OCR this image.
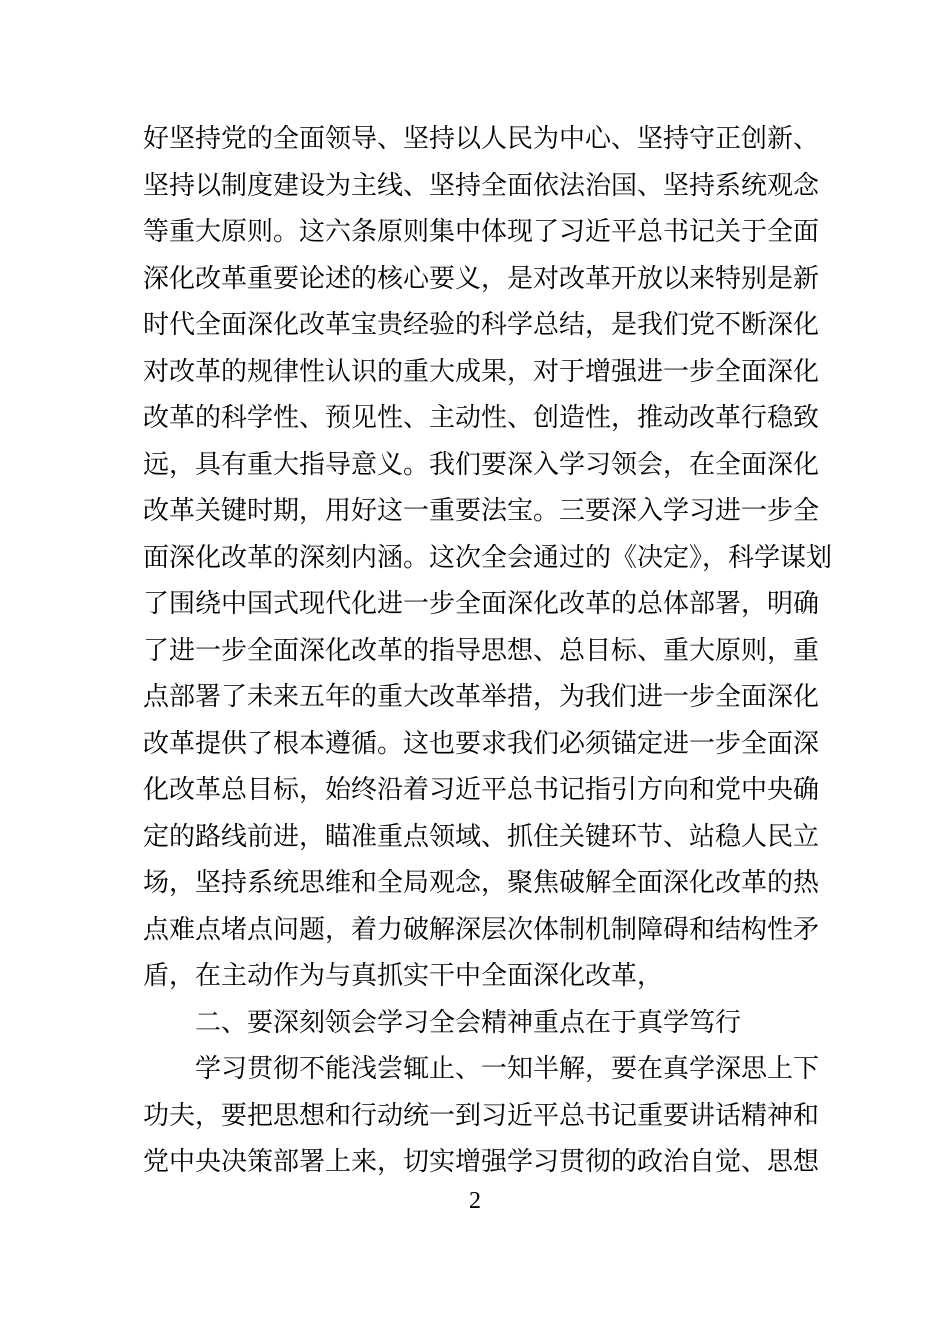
好坚持党的全面领导、坚持以人民为中心、坚持守正创新、
坚持以制度建设为主线、坚持全面依法治国、坚持系统观念
等重大原则。这六条原则集中体现了习近平总书记关于全面
深化改革重要论述的核心要义，是对改革开放以来特别是新
时代全面深化改革宝贵经验的科学总结，是我们党不断深化
对改革的规律性认识的重大成果，对于增强进一步全面深化
改革的科学性、预见性、主动性、创造性，推动改革行稳致
远，具有重大指导意义。我们要深入学习领会，在全面深化
改革关键时期，用好这一重要法宝。三要深入学习进一步全
面深化改革的深刻内涵。这次全会通过的《决定》，科学谋划
了围绕中国式现代化进一步全面深化改革的总体部署，明确
了进一步全面深化改革的指导思想、总目标、重大原则，重
点部署了未来五年的重大改革举措，为我们进一步全面深化
改革提供了根本遵循。这也要求我们必须锚定进一步全面深
化改革总目标，始终沿着习近平总书记指引方向和党中央确
定的路线前进，瞄准重点领域、抓住关键环节、站稳人民立
场，坚持系统思维和全局观念，聚焦破解全面深化改革的热
点难点堵点问题，着力破解深层次体制机制障碍和结构性矛
盾，在主动作为与真抓实干中全面深化改革，
二、要深刻领会学习全会精神重点在于真学笃行
学习贯彻不能浅尝辄止、一知半解，要在真学深思上下
功夫，要把思想和行动统一到习近平总书记重要讲话精神和
党中央决策部署上来，切实增强学习贯彻的政治自觉、思想
2
